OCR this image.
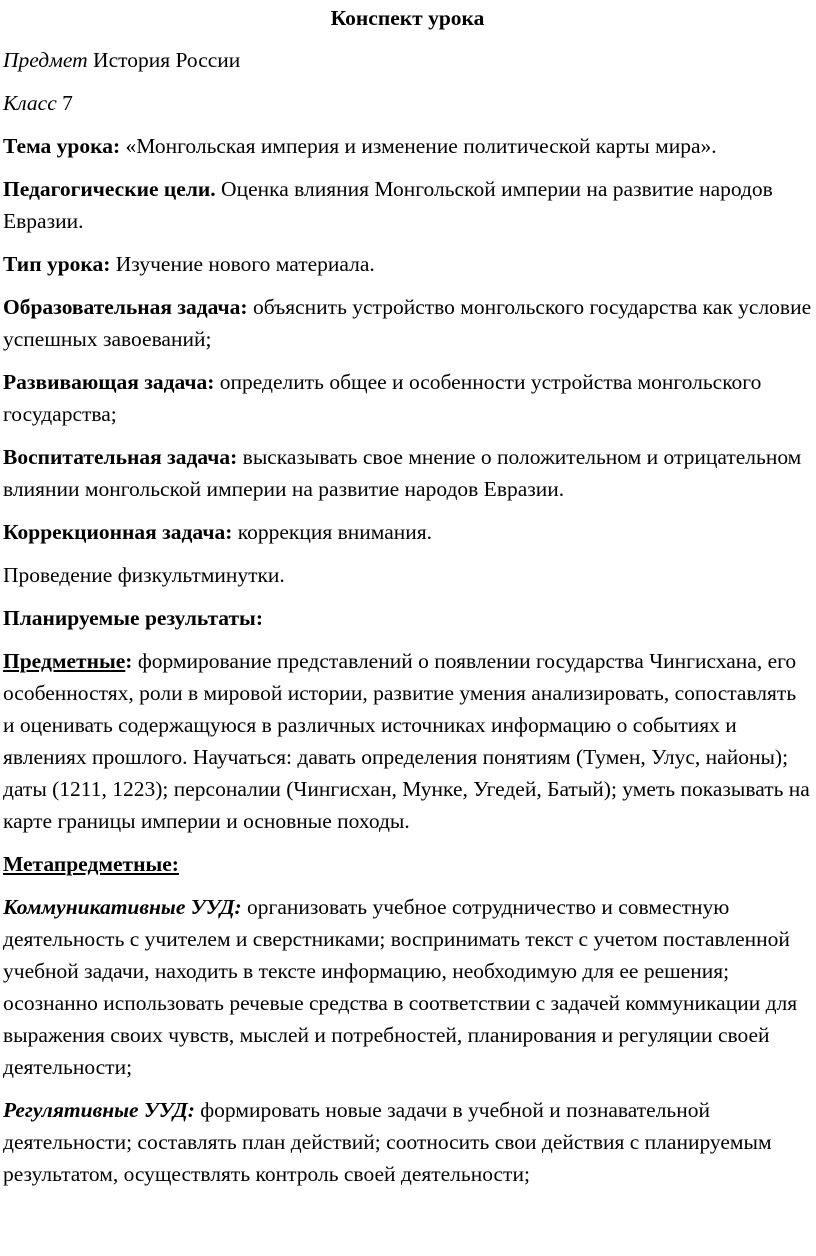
Конспект урока

Предмет История России

Класс 7

Тема урока: «Монгольская империя и изменение политической карты мира».

Педагогические цели. Оценка влияния Монгольской империи на развитие народов Евразии.

Тип урока: Изучение нового материала.

Образовательная задача: объяснить устройство монгольского государства как условие успешных завоеваний;

Развивающая задача: определить общее и особенности устройства монгольского государства;

Воспитательная задача: высказывать свое мнение о положительном и отрицательном влиянии монгольской империи на развитие народов Евразии.

Коррекционная задача: коррекция внимания.

Проведение физкультминутки.

Планируемые результаты:

Предметные: формирование представлений о появлении государства Чингисхана, его особенностях, роли в мировой истории, развитие умения анализировать, сопоставлять и оценивать содержащуюся в различных источниках информацию о событиях и явлениях прошлого. Научаться: давать определения понятиям (Тумен, Улус, найоны); даты (1211, 1223); персоналии (Чингисхан, Мунке, Угедей, Батый); уметь показывать на карте границы империи и основные походы.

Метапредметные:

Коммуникативные УУД: организовать учебное сотрудничество и совместную деятельность с учителем и сверстниками; воспринимать текст с учетом поставленной учебной задачи, находить в тексте информацию, необходимую для ее решения; осознанно использовать речевые средства в соответствии с задачей коммуникации для выражения своих чувств, мыслей и потребностей, планирования и регуляции своей деятельности;

Регулятивные УУД: формировать новые задачи в учебной и познавательной деятельности; составлять план действий; соотносить свои действия с планируемым результатом, осуществлять контроль своей деятельности;
